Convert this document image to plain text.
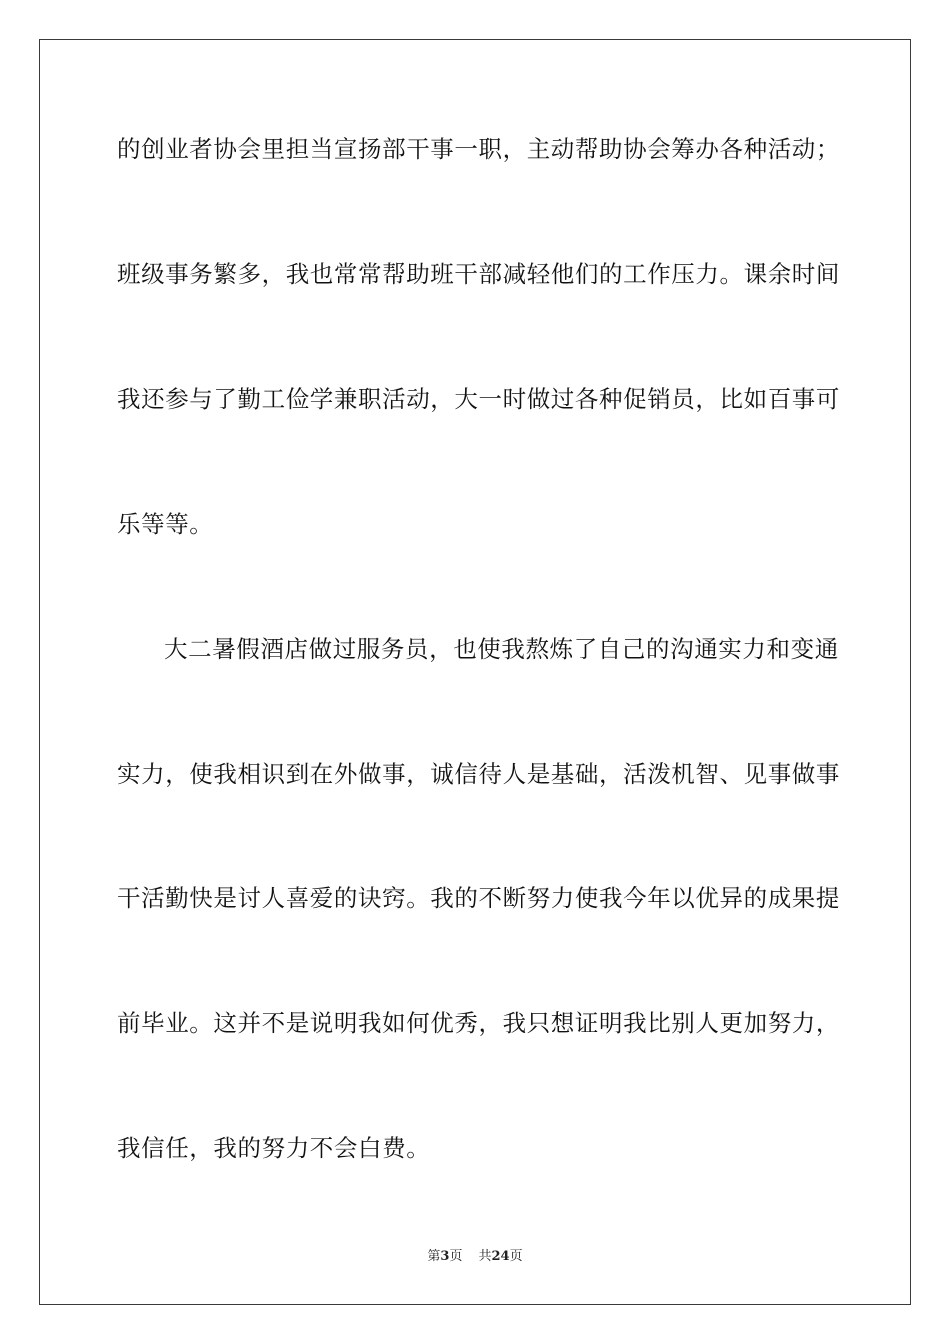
的创业者协会里担当宣扬部干事一职，主动帮助协会筹办各种活动；
班级事务繁多，我也常常帮助班干部减轻他们的工作压力。课余时间
我还参与了勤工俭学兼职活动，大一时做过各种促销员，比如百事可
乐等等。
大二暑假酒店做过服务员，也使我熬炼了自己的沟通实力和变通
实力，使我相识到在外做事，诚信待人是基础，活泼机智、见事做事
干活勤快是讨人喜爱的诀窍。我的不断努力使我今年以优异的成果提
前毕业。这并不是说明我如何优秀，我只想证明我比别人更加努力，
我信任，我的努力不会白费。
第3页 共24页
